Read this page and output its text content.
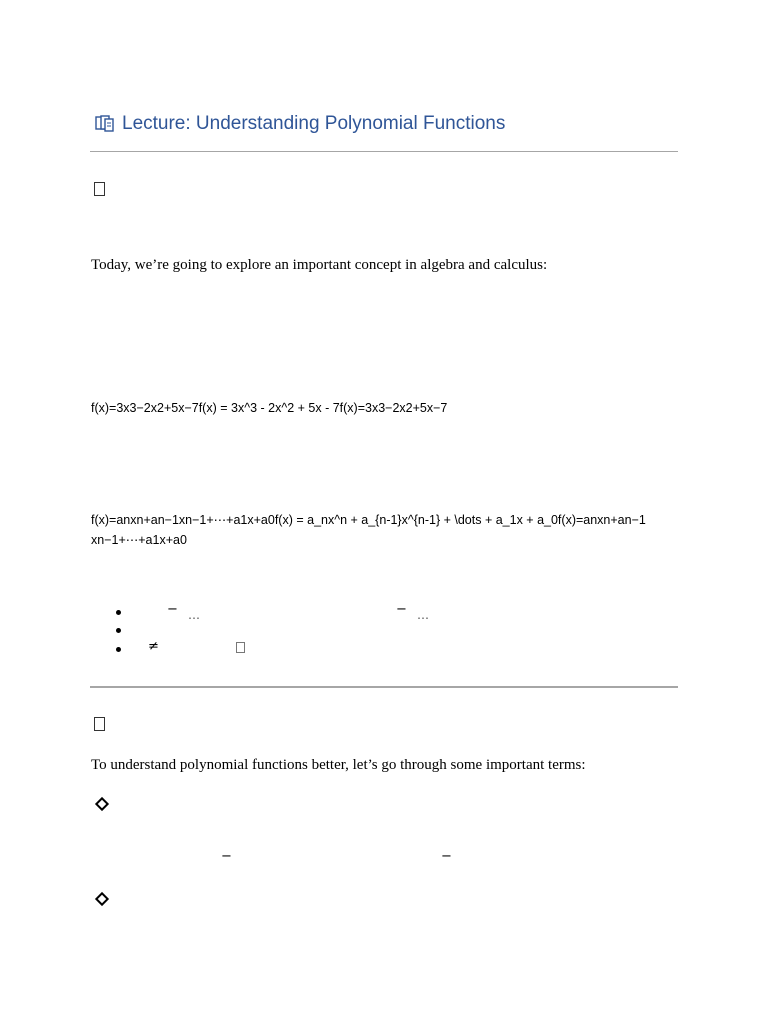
Lecture: Understanding Polynomial Functions
Today, we’re going to explore an important concept in algebra and calculus:
f(x)=3x3−2x2+5x−7f(x) = 3x^3 - 2x^2 + 5x - 7f(x)=3x3−2x2+5x−7
f(x)=anxn+an−1xn−1+⋯+a1x+a0f(x) = a_nx^n + a_{n-1}x^{n-1} + \dots + a_1x + a_0f(x)=anxn+an−1
xn−1+⋯+a1x+a0
− …	− …
≠
To understand polynomial functions better, let’s go through some important terms:
−	−
